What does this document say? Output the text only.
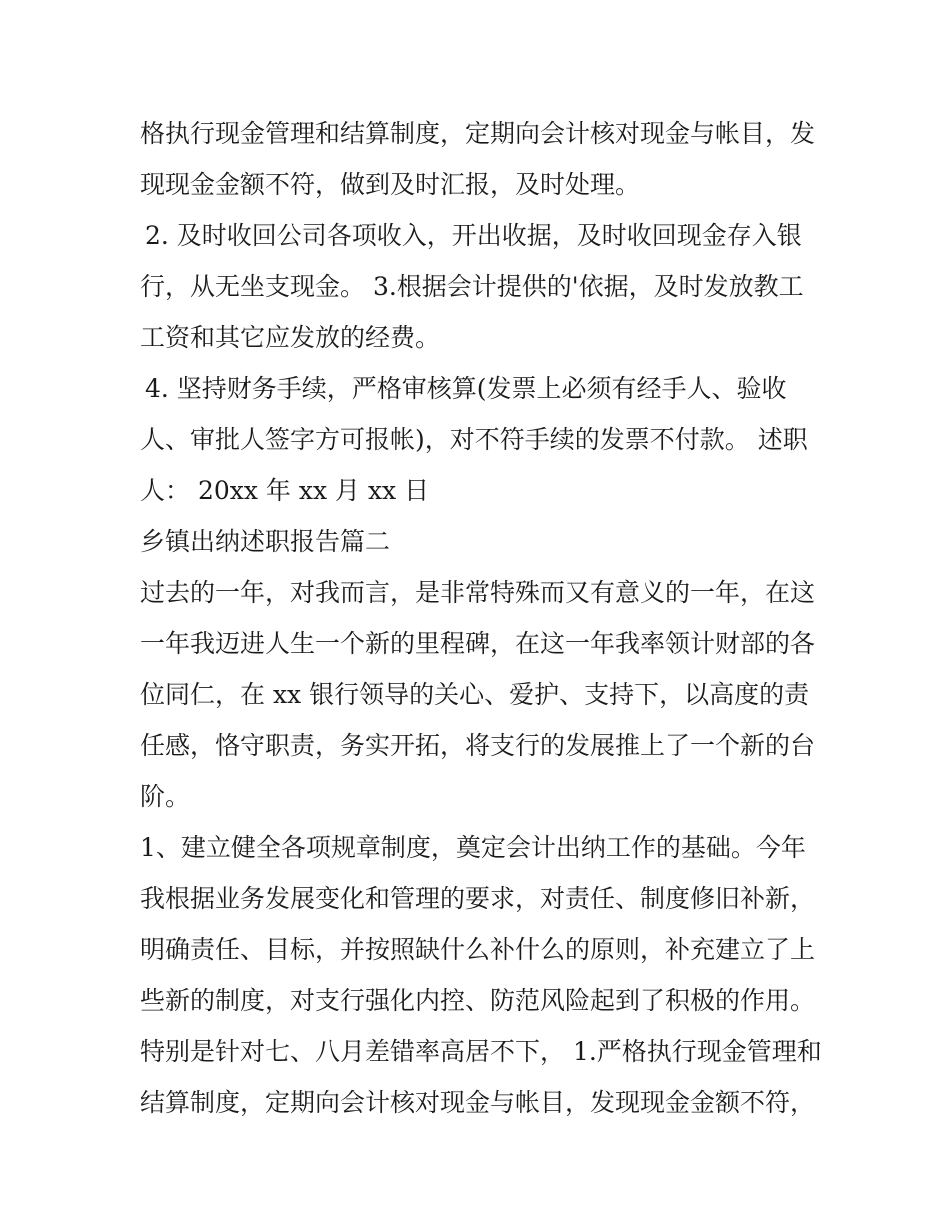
格执行现金管理和结算制度，定期向会计核对现金与帐目，发
现现金金额不符，做到及时汇报，及时处理。
2. 及时收回公司各项收入，开出收据，及时收回现金存入银
行，从无坐支现金。 3.根据会计提供的'依据，及时发放教工
工资和其它应发放的经费。
4. 坚持财务手续，严格审核算(发票上必须有经手人、验收
人、审批人签字方可报帐)，对不符手续的发票不付款。 述职
人： 20xx 年 xx 月 xx 日
乡镇出纳述职报告篇二
过去的一年，对我而言，是非常特殊而又有意义的一年，在这
一年我迈进人生一个新的里程碑，在这一年我率领计财部的各
位同仁，在 xx 银行领导的关心、爱护、支持下，以高度的责
任感，恪守职责，务实开拓，将支行的发展推上了一个新的台
阶。
1、建立健全各项规章制度，奠定会计出纳工作的基础。今年
我根据业务发展变化和管理的要求，对责任、制度修旧补新，
明确责任、目标，并按照缺什么补什么的原则，补充建立了上
些新的制度，对支行强化内控、防范风险起到了积极的作用。
特别是针对七、八月差错率高居不下， 1.严格执行现金管理和
结算制度，定期向会计核对现金与帐目，发现现金金额不符，
